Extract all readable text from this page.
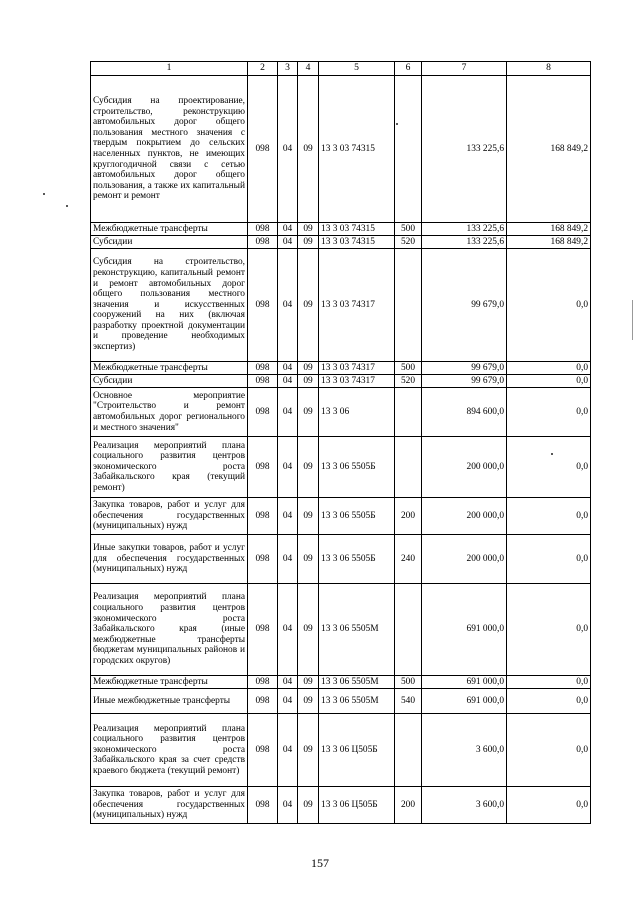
1	2	3	4	5	6	7	8
Субсидия на проектирование, строительство, реконструкцию автомобильных дорог общего пользования местного значения с твердым покрытием до сельских населенных пунктов, не имеющих круглогодичной связи с сетью автомобильных дорог общего пользования, а также их капитальный ремонт и ремонт	098	04	09	13 3 03 74315		133 225,6	168 849,2
Межбюджетные трансферты	098	04	09	13 3 03 74315	500	133 225,6	168 849,2
Субсидии	098	04	09	13 3 03 74315	520	133 225,6	168 849,2
Субсидия на строительство, реконструкцию, капитальный ремонт и ремонт автомобильных дорог общего пользования местного значения и искусственных сооружений на них (включая разработку проектной документации и проведение необходимых экспертиз)	098	04	09	13 3 03 74317		99 679,0	0,0
Межбюджетные трансферты	098	04	09	13 3 03 74317	500	99 679,0	0,0
Субсидии	098	04	09	13 3 03 74317	520	99 679,0	0,0
Основное мероприятие "Строительство и ремонт автомобильных дорог регионального и местного значения"	098	04	09	13 3 06		894 600,0	0,0
Реализация мероприятий плана социального развития центров экономического роста Забайкальского края (текущий ремонт)	098	04	09	13 3 06 5505Б		200 000,0	0,0
Закупка товаров, работ и услуг для обеспечения государственных (муниципальных) нужд	098	04	09	13 3 06 5505Б	200	200 000,0	0,0
Иные закупки товаров, работ и услуг для обеспечения государственных (муниципальных) нужд	098	04	09	13 3 06 5505Б	240	200 000,0	0,0
Реализация мероприятий плана социального развития центров экономического роста Забайкальского края (иные межбюджетные трансферты бюджетам муниципальных районов и городских округов)	098	04	09	13 3 06 5505М		691 000,0	0,0
Межбюджетные трансферты	098	04	09	13 3 06 5505М	500	691 000,0	0,0
Иные межбюджетные трансферты	098	04	09	13 3 06 5505М	540	691 000,0	0,0
Реализация мероприятий плана социального развития центров экономического роста Забайкальского края за счет средств краевого бюджета (текущий ремонт)	098	04	09	13 3 06 Ц505Б		3 600,0	0,0
Закупка товаров, работ и услуг для обеспечения государственных (муниципальных) нужд	098	04	09	13 3 06 Ц505Б	200	3 600,0	0,0
157
